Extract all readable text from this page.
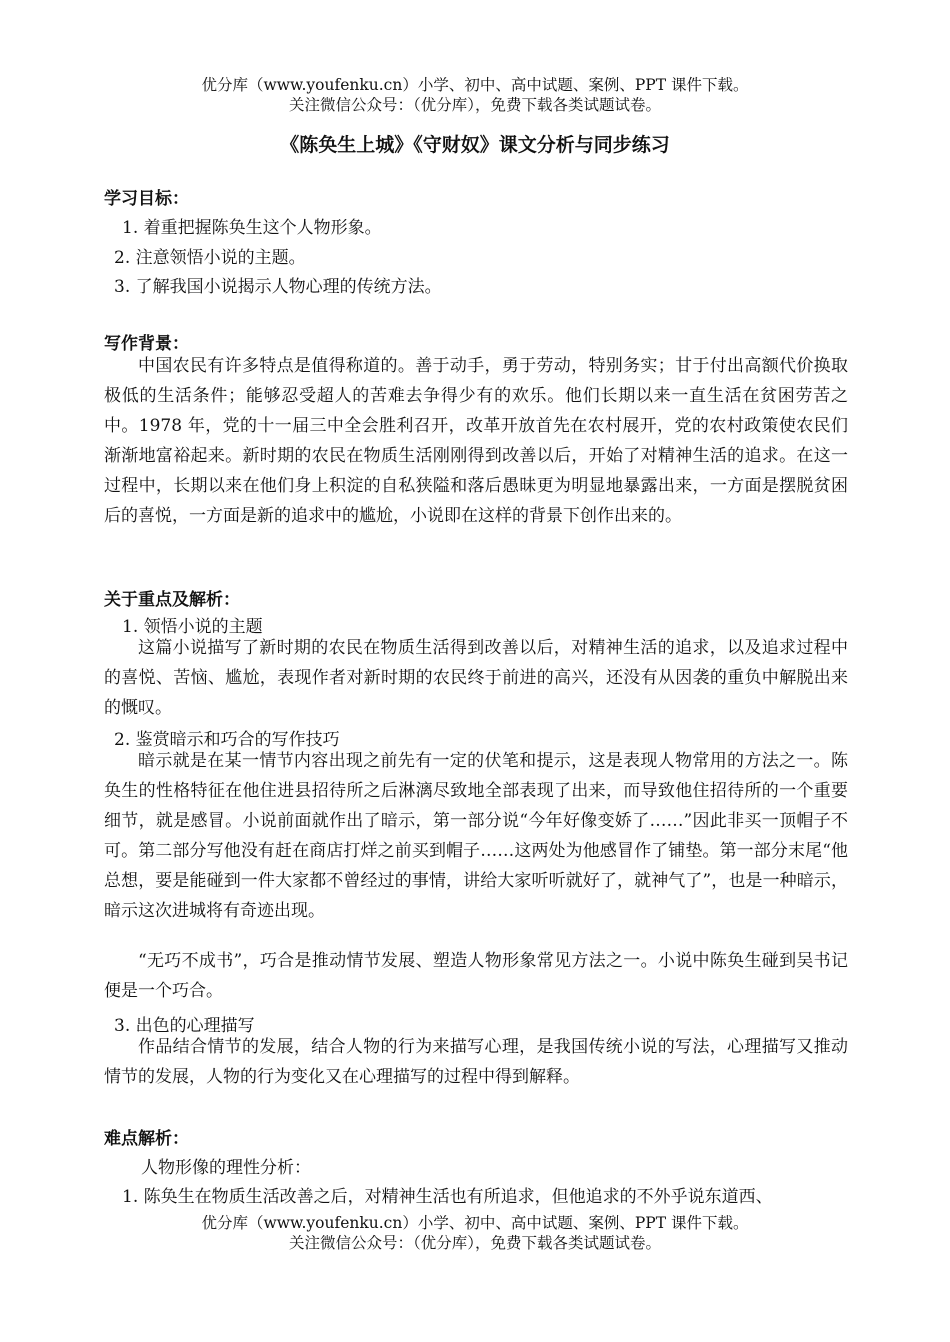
优分库（www.youfenku.cn）小学、初中、高中试题、案例、PPT 课件下载。
关注微信公众号：（优分库），免费下载各类试题试卷。
《陈奂生上城》《守财奴》课文分析与同步练习
学习目标：
1. 着重把握陈奂生这个人物形象。
2. 注意领悟小说的主题。
3. 了解我国小说揭示人物心理的传统方法。
写作背景：

中国农民有许多特点是值得称道的。善于动手，勇于劳动，特别务实；甘于付出高额代价换取极低的生活条件；能够忍受超人的苦难去争得少有的欢乐。他们长期以来一直生活在贫困劳苦之中。1978 年，党的十一届三中全会胜利召开，改革开放首先在农村展开，党的农村政策使农民们渐渐地富裕起来。新时期的农民在物质生活刚刚得到改善以后，开始了对精神生活的追求。在这一过程中，长期以来在他们身上积淀的自私狭隘和落后愚昧更为明显地暴露出来，一方面是摆脱贫困后的喜悦，一方面是新的追求中的尴尬，小说即在这样的背景下创作出来的。

关于重点及解析：
1. 领悟小说的主题

这篇小说描写了新时期的农民在物质生活得到改善以后，对精神生活的追求，以及追求过程中的喜悦、苦恼、尴尬，表现作者对新时期的农民终于前进的高兴，还没有从因袭的重负中解脱出来的慨叹。

2. 鉴赏暗示和巧合的写作技巧

暗示就是在某一情节内容出现之前先有一定的伏笔和提示，这是表现人物常用的方法之一。陈奂生的性格特征在他住进县招待所之后淋漓尽致地全部表现了出来，而导致他住招待所的一个重要细节，就是感冒。小说前面就作出了暗示，第一部分说“今年好像变娇了……”因此非买一顶帽子不可。第二部分写他没有赶在商店打烊之前买到帽子……这两处为他感冒作了铺垫。第一部分末尾“他总想，要是能碰到一件大家都不曾经过的事情，讲给大家听听就好了，就神气了”，也是一种暗示，暗示这次进城将有奇迹出现。

“无巧不成书”，巧合是推动情节发展、塑造人物形象常见方法之一。小说中陈奂生碰到吴书记便是一个巧合。

3. 出色的心理描写

作品结合情节的发展，结合人物的行为来描写心理，是我国传统小说的写法，心理描写又推动情节的发展，人物的行为变化又在心理描写的过程中得到解释。

难点解析：
人物形像的理性分析：
1. 陈奂生在物质生活改善之后，对精神生活也有所追求，但他追求的不外乎说东道西、
优分库（www.youfenku.cn）小学、初中、高中试题、案例、PPT 课件下载。
关注微信公众号：（优分库），免费下载各类试题试卷。
